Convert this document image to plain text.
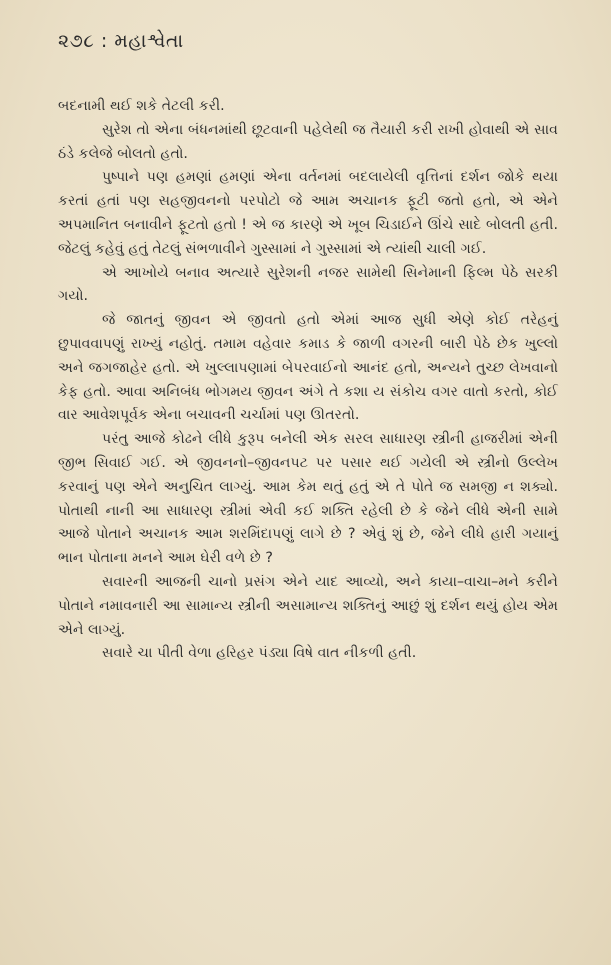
૨૭૮ : મહાશ્વેતા

બદનામી થઈ શકે તેટલી કરી.

સુરેશ તો એના બંધનમાંથી છૂટવાની પહેલેથી જ તૈયારી કરી રાખી હોવાથી એ સાવ ઠંડે કલેજે બોલતો હતો.

પુષ્પાને પણ હમણાં હમણાં એના વર્તનમાં બદલાયેલી વૃત્તિનાં દર્શન જોકે થયા કરતાં હતાં પણ સહજીવનનો પરપોટો જે આમ અચાનક ફૂટી જતો હતો, એ એને અપમાનિત બનાવીને ફૂટતો હતો ! એ જ કારણે એ ખૂબ ચિડાઈને ઊંચે સાદે બોલતી હતી. જેટલું કહેવું હતું તેટલું સંભળાવીને ગુસ્સામાં ને ગુસ્સામાં એ ત્યાંથી ચાલી ગઈ.

એ આખોયે બનાવ અત્યારે સુરેશની નજર સામેથી સિનેમાની ફિલ્મ પેઠે સરકી ગયો.

જે જાતનું જીવન એ જીવતો હતો એમાં આજ સુધી એણે કોઈ તરેહનું છુપાવવાપણું રાખ્યું નહોતું. તમામ વહેવાર કમાડ કે જાળી વગરની બારી પેઠે છેક ખુલ્લો અને જગજાહેર હતો. એ ખુલ્લાપણામાં બેપરવાઈનો આનંદ હતો, અન્યને તુચ્છ લેખવાનો કેફ હતો. આવા અનિબંધ ભોગમય જીવન અંગે તે કશા ય સંકોચ વગર વાતો કરતો, કોઈ વાર આવેશપૂર્વક એના બચાવની ચર્ચામાં પણ ઊતરતો.

પરંતુ આજે કોઢને લીધે કુરૂપ બનેલી એક સરલ સાધારણ સ્ત્રીની હાજરીમાં એની જીભ સિવાઈ ગઈ. એ જીવનનો–જીવનપટ પર પસાર થઈ ગયેલી એ સ્ત્રીનો ઉલ્લેખ કરવાનું પણ એને અનુચિત લાગ્યું. આમ કેમ થતું હતું એ તે પોતે જ સમજી ન શક્યો. પોતાથી નાની આ સાધારણ સ્ત્રીમાં એવી કઈ શક્તિ રહેલી છે કે જેને લીધે એની સામે આજે પોતાને અચાનક આમ શરમિંદાપણું લાગે છે ? એવું શું છે, જેને લીધે હારી ગયાનું ભાન પોતાના મનને આમ ઘેરી વળે છે ?

સવારની આજની ચાનો પ્રસંગ એને યાદ આવ્યો, અને કાયા–વાચા–મને કરીને પોતાને નમાવનારી આ સામાન્ય સ્ત્રીની અસામાન્ય શક્તિનું આછું શું દર્શન થયું હોય એમ એને લાગ્યું.

સવારે ચા પીતી વેળા હરિહર પંડ્યા વિષે વાત નીકળી હતી.
